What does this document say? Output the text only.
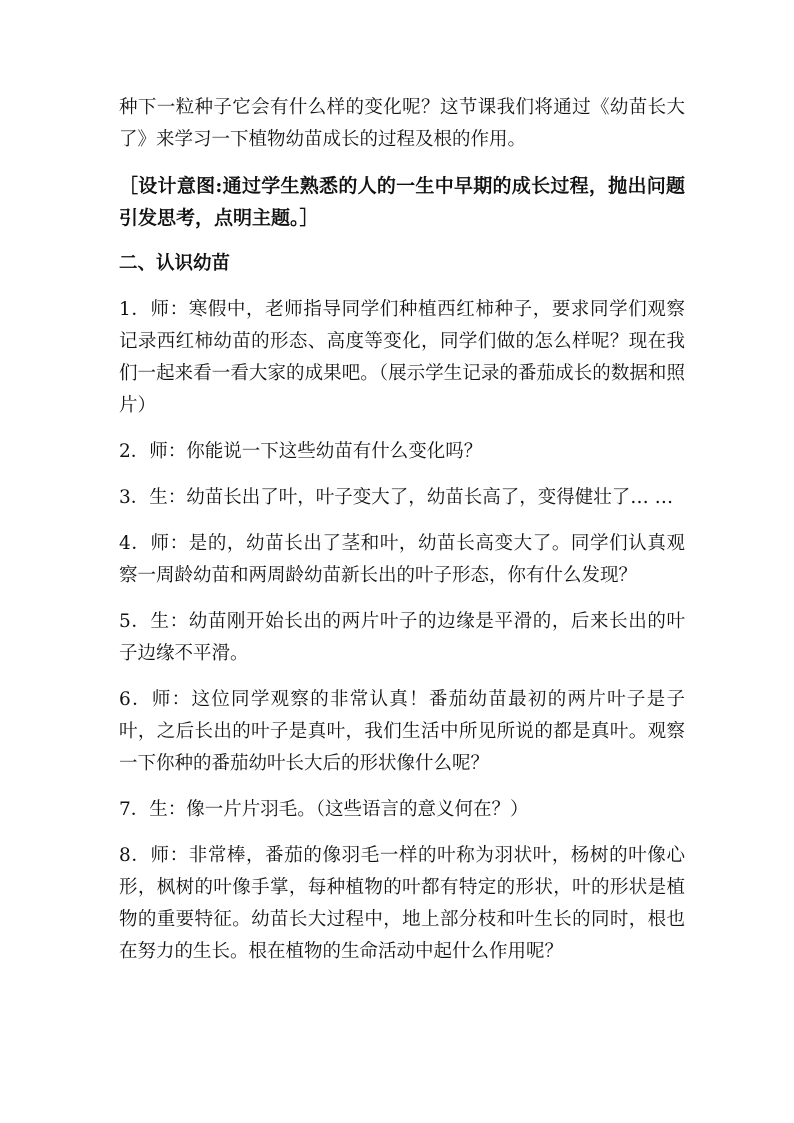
种下一粒种子它会有什么样的变化呢？这节课我们将通过《幼苗长大了》来学习一下植物幼苗成长的过程及根的作用。

［设计意图:通过学生熟悉的人的一生中早期的成长过程，抛出问题引发思考，点明主题。］

二、认识幼苗

1．师：寒假中，老师指导同学们种植西红柿种子，要求同学们观察记录西红柿幼苗的形态、高度等变化，同学们做的怎么样呢？现在我们一起来看一看大家的成果吧。（展示学生记录的番茄成长的数据和照片）

2．师：你能说一下这些幼苗有什么变化吗？

3．生：幼苗长出了叶，叶子变大了，幼苗长高了，变得健壮了… …

4．师：是的，幼苗长出了茎和叶，幼苗长高变大了。同学们认真观察一周龄幼苗和两周龄幼苗新长出的叶子形态，你有什么发现？

5．生：幼苗刚开始长出的两片叶子的边缘是平滑的，后来长出的叶子边缘不平滑。

6．师：这位同学观察的非常认真！番茄幼苗最初的两片叶子是子叶，之后长出的叶子是真叶，我们生活中所见所说的都是真叶。观察一下你种的番茄幼叶长大后的形状像什么呢？

7．生：像一片片羽毛。（这些语言的意义何在？）

8．师：非常棒，番茄的像羽毛一样的叶称为羽状叶，杨树的叶像心形，枫树的叶像手掌，每种植物的叶都有特定的形状，叶的形状是植物的重要特征。幼苗长大过程中，地上部分枝和叶生长的同时，根也在努力的生长。根在植物的生命活动中起什么作用呢？
